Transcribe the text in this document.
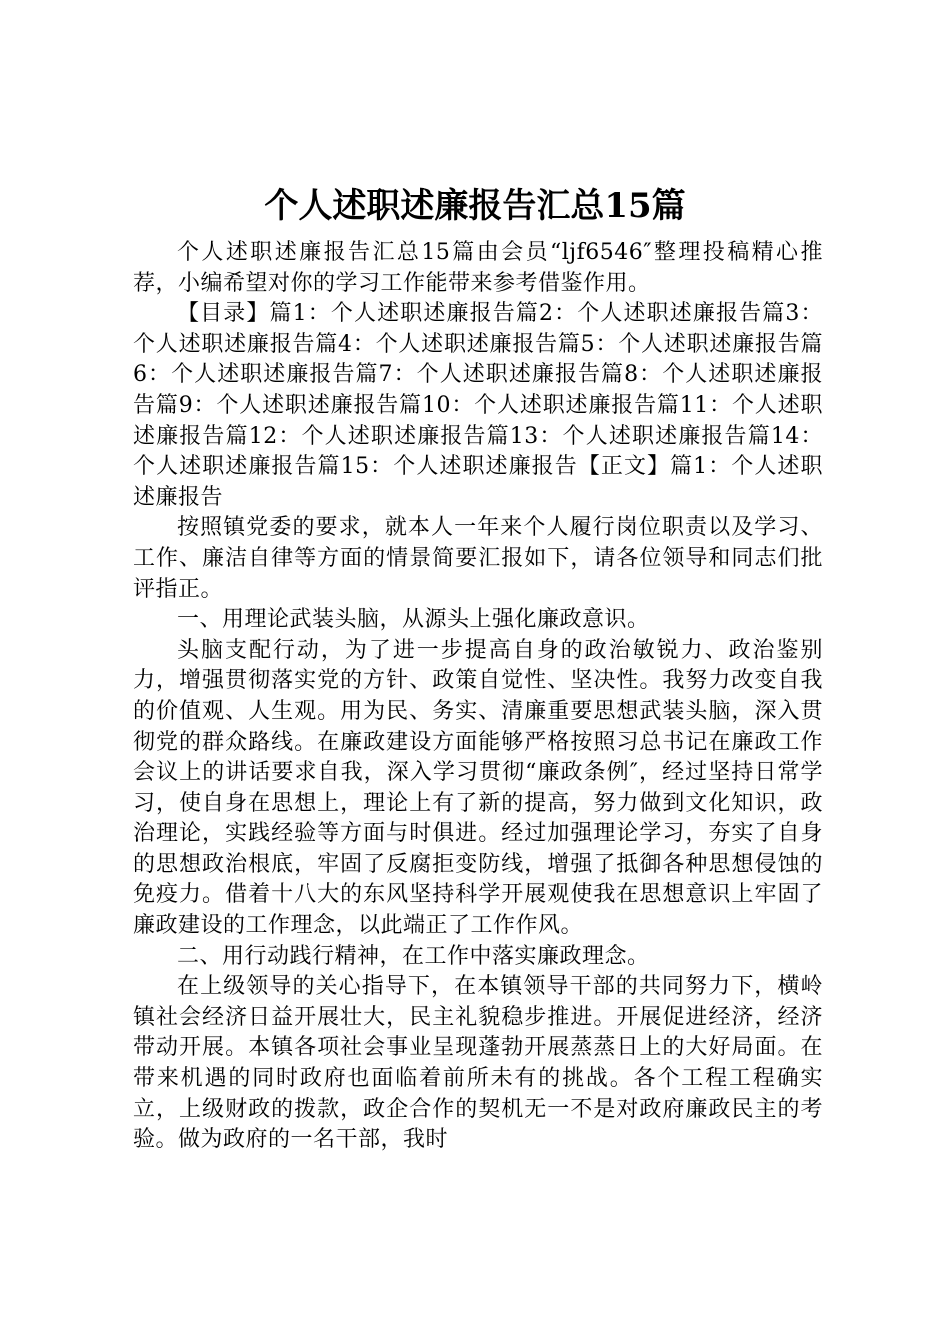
个人述职述廉报告汇总15篇

个人述职述廉报告汇总15篇由会员“ljf6546″整理投稿精心推荐，小编希望对你的学习工作能带来参考借鉴作用。

【目录】篇1：个人述职述廉报告篇2：个人述职述廉报告篇3：个人述职述廉报告篇4：个人述职述廉报告篇5：个人述职述廉报告篇6：个人述职述廉报告篇7：个人述职述廉报告篇8：个人述职述廉报告篇9：个人述职述廉报告篇10：个人述职述廉报告篇11：个人述职述廉报告篇12：个人述职述廉报告篇13：个人述职述廉报告篇14：个人述职述廉报告篇15：个人述职述廉报告【正文】篇1：个人述职述廉报告

按照镇党委的要求，就本人一年来个人履行岗位职责以及学习、工作、廉洁自律等方面的情景简要汇报如下，请各位领导和同志们批评指正。

一、用理论武装头脑，从源头上强化廉政意识。

头脑支配行动，为了进一步提高自身的政治敏锐力、政治鉴别力，增强贯彻落实党的方针、政策自觉性、坚决性。我努力改变自我的价值观、人生观。用为民、务实、清廉重要思想武装头脑，深入贯彻党的群众路线。在廉政建设方面能够严格按照习总书记在廉政工作会议上的讲话要求自我，深入学习贯彻“廉政条例″，经过坚持日常学习，使自身在思想上，理论上有了新的提高，努力做到文化知识，政治理论，实践经验等方面与时俱进。经过加强理论学习，夯实了自身的思想政治根底，牢固了反腐拒变防线，增强了抵御各种思想侵蚀的免疫力。借着十八大的东风坚持科学开展观使我在思想意识上牢固了廉政建设的工作理念，以此端正了工作作风。

二、用行动践行精神，在工作中落实廉政理念。

在上级领导的关心指导下，在本镇领导干部的共同努力下，横岭镇社会经济日益开展壮大，民主礼貌稳步推进。开展促进经济，经济带动开展。本镇各项社会事业呈现蓬勃开展蒸蒸日上的大好局面。在带来机遇的同时政府也面临着前所未有的挑战。各个工程工程确实立，上级财政的拨款，政企合作的契机无一不是对政府廉政民主的考验。做为政府的一名干部，我时
